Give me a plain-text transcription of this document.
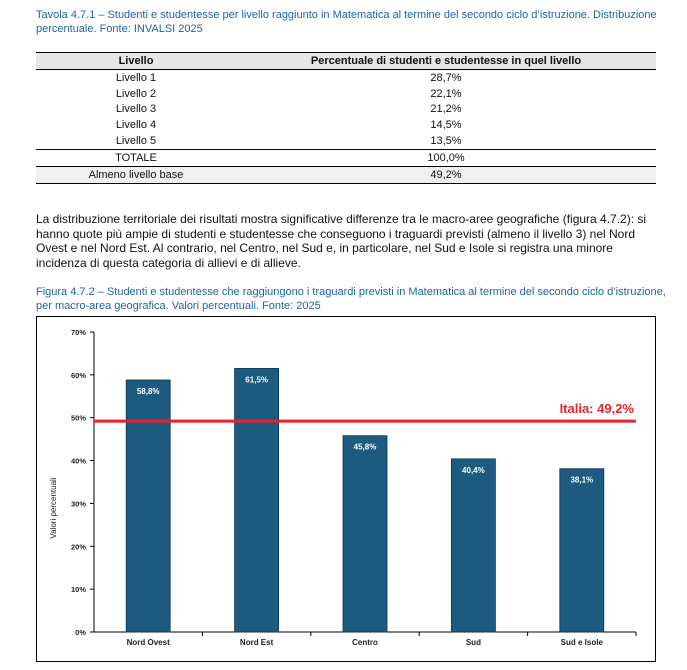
Tavola 4.7.1 – Studenti e studentesse per livello raggiunto in Matematica al termine del secondo ciclo d’istruzione. Distribuzione percentuale. Fonte: INVALSI 2025
Livello	Percentuale di studenti e studentesse in quel livello
Livello 1	28,7%
Livello 2	22,1%
Livello 3	21,2%
Livello 4	14,5%
Livello 5	13,5%
TOTALE	100,0%
Almeno livello base	49,2%
La distribuzione territoriale dei risultati mostra significative differenze tra le macro-aree geografiche (figura 4.7.2): si hanno quote più ampie di studenti e studentesse che conseguono i traguardi previsti (almeno il livello 3) nel Nord Ovest e nel Nord Est. Al contrario, nel Centro, nel Sud e, in particolare, nel Sud e Isole si registra una minore incidenza di questa categoria di allievi e di allieve.
Figura 4.7.2 – Studenti e studentesse che raggiungono i traguardi previsti in Matematica al termine del secondo ciclo d’istruzione, per macro-area geografica. Valori percentuali. Fonte: 2025
0%
10%
20%
30%
40%
50%
60%
70%
58,8%
61,5%
45,8%
40,4%
38,1%
Italia: 49,2%
Nord Ovest	Nord Est	Centro	Sud	Sud e Isole
Valori percentuali
